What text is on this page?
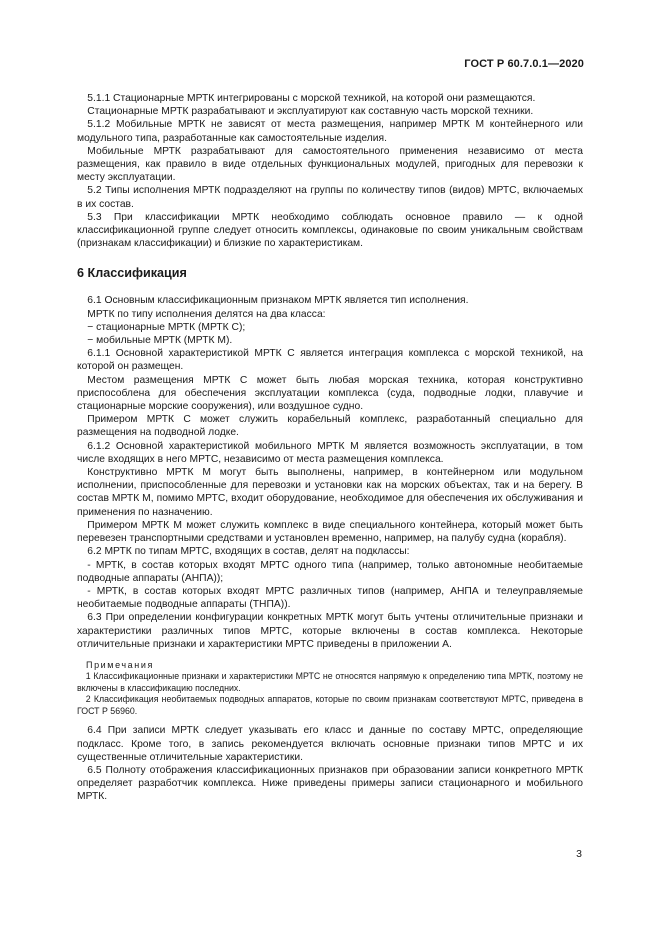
ГОСТ Р 60.7.0.1—2020

5.1.1 Стационарные МРТК интегрированы с морской техникой, на которой они размещаются.

Стационарные МРТК разрабатывают и эксплуатируют как составную часть морской техники.

5.1.2 Мобильные МРТК не зависят от места размещения, например МРТК М контейнерного или модульного типа, разработанные как самостоятельные изделия.

Мобильные МРТК разрабатывают для самостоятельного применения независимо от места размещения, как правило в виде отдельных функциональных модулей, пригодных для перевозки к месту эксплуатации.

5.2 Типы исполнения МРТК подразделяют на группы по количеству типов (видов) МРТС, включаемых в их состав.

5.3 При классификации МРТК необходимо соблюдать основное правило — к одной классификационной группе следует относить комплексы, одинаковые по своим уникальным свойствам (признакам классификации) и близкие по характеристикам.

6 Классификация

6.1 Основным классификационным признаком МРТК является тип исполнения.

МРТК по типу исполнения делятся на два класса:

− стационарные МРТК (МРТК С);

− мобильные МРТК (МРТК М).

6.1.1 Основной характеристикой МРТК С является интеграция комплекса с морской техникой, на которой он размещен.

Местом размещения МРТК С может быть любая морская техника, которая конструктивно приспособлена для обеспечения эксплуатации комплекса (суда, подводные лодки, плавучие и стационарные морские сооружения), или воздушное судно.

Примером МРТК С может служить корабельный комплекс, разработанный специально для размещения на подводной лодке.

6.1.2 Основной характеристикой мобильного МРТК М является возможность эксплуатации, в том числе входящих в него МРТС, независимо от места размещения комплекса.

Конструктивно МРТК М могут быть выполнены, например, в контейнерном или модульном исполнении, приспособленные для перевозки и установки как на морских объектах, так и на берегу. В состав МРТК М, помимо МРТС, входит оборудование, необходимое для обеспечения их обслуживания и применения по назначению.

Примером МРТК М может служить комплекс в виде специального контейнера, который может быть перевезен транспортными средствами и установлен временно, например, на палубу судна (корабля).

6.2 МРТК по типам МРТС, входящих в состав, делят на подклассы:

- МРТК, в состав которых входят МРТС одного типа (например, только автономные необитаемые подводные аппараты (АНПА));

- МРТК, в состав которых входят МРТС различных типов (например, АНПА и телеуправляемые необитаемые подводные аппараты (ТНПА)).

6.3 При определении конфигурации конкретных МРТК могут быть учтены отличительные признаки и характеристики различных типов МРТС, которые включены в состав комплекса. Некоторые отличительные признаки и характеристики МРТС приведены в приложении А.

Примечания

1 Классификационные признаки и характеристики МРТС не относятся напрямую к определению типа МРТК, поэтому не включены в классификацию последних.

2 Классификация необитаемых подводных аппаратов, которые по своим признакам соответствуют МРТС, приведена в ГОСТ Р 56960.

6.4 При записи МРТК следует указывать его класс и данные по составу МРТС, определяющие подкласс. Кроме того, в запись рекомендуется включать основные признаки типов МРТС и их существенные отличительные характеристики.

6.5 Полноту отображения классификационных признаков при образовании записи конкретного МРТК определяет разработчик комплекса. Ниже приведены примеры записи стационарного и мобильного МРТК.

3
